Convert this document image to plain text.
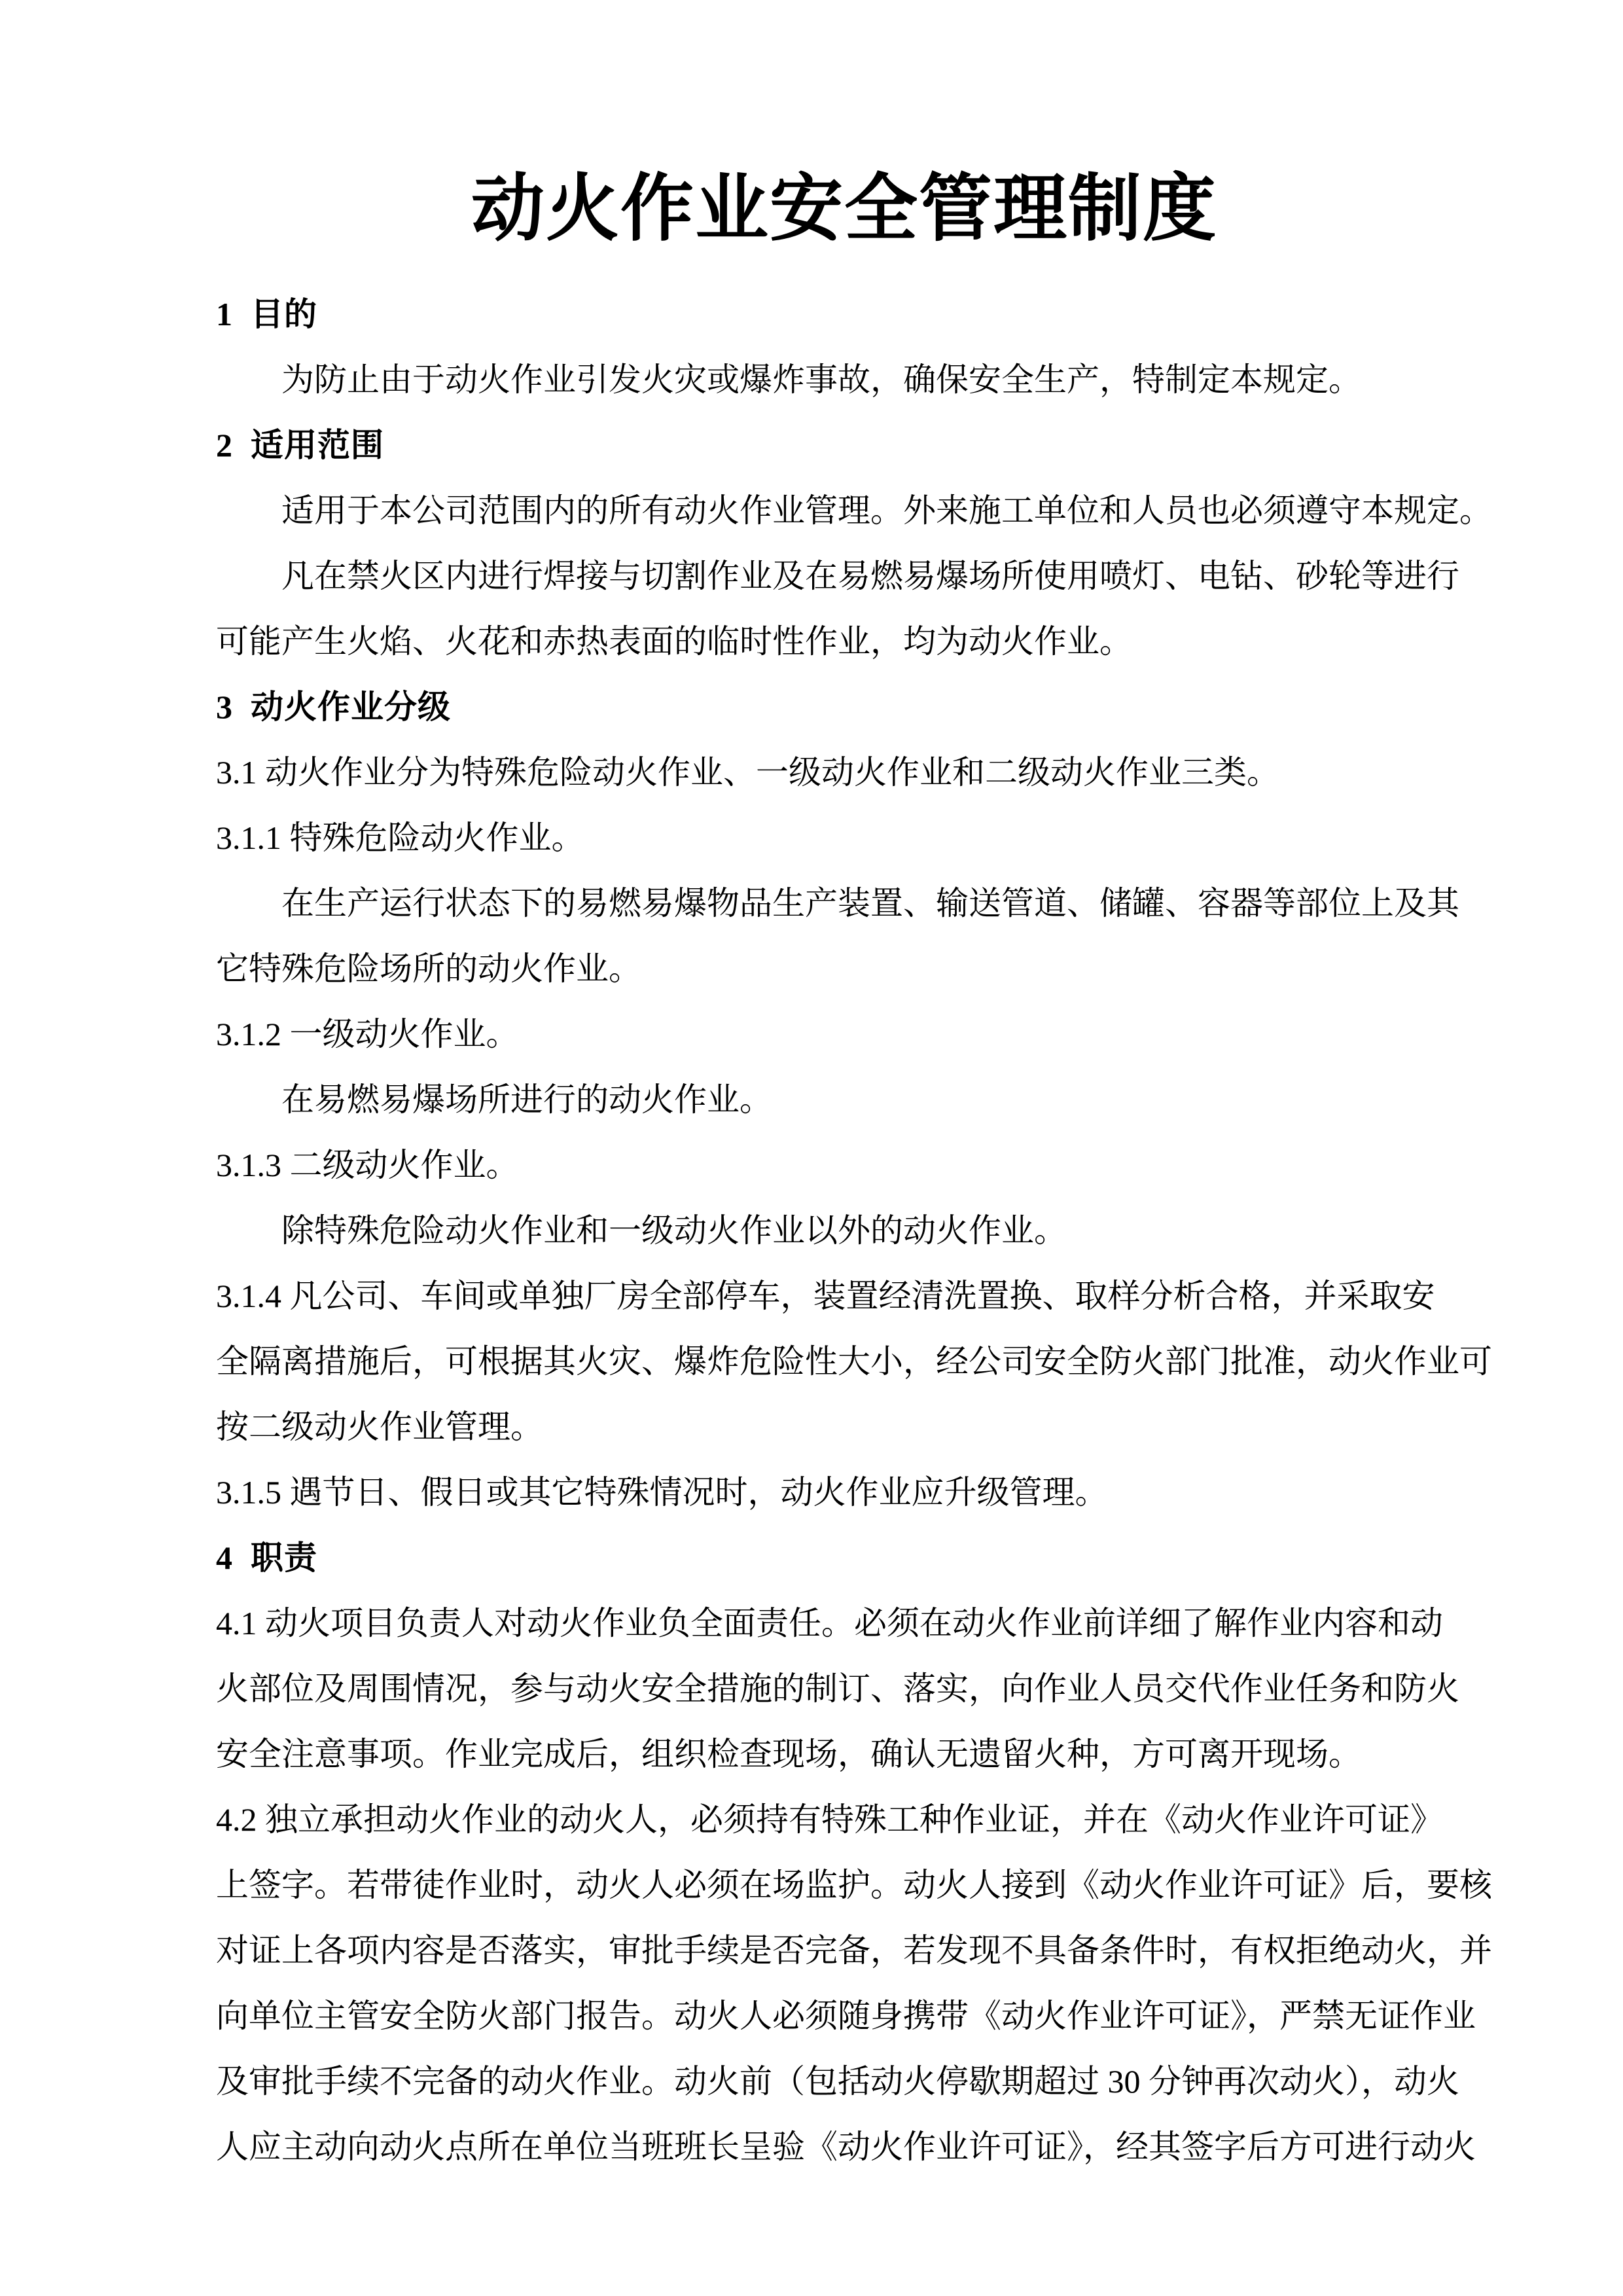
动火作业安全管理制度
1  目的
为防止由于动火作业引发火灾或爆炸事故，确保安全生产，特制定本规定。
2  适用范围
适用于本公司范围内的所有动火作业管理。外来施工单位和人员也必须遵守本规定。
凡在禁火区内进行焊接与切割作业及在易燃易爆场所使用喷灯、电钻、砂轮等进行
可能产生火焰、火花和赤热表面的临时性作业，均为动火作业。
3  动火作业分级
3.1 动火作业分为特殊危险动火作业、一级动火作业和二级动火作业三类。
3.1.1 特殊危险动火作业。
在生产运行状态下的易燃易爆物品生产装置、输送管道、储罐、容器等部位上及其
它特殊危险场所的动火作业。
3.1.2 一级动火作业。
在易燃易爆场所进行的动火作业。
3.1.3 二级动火作业。
除特殊危险动火作业和一级动火作业以外的动火作业。
3.1.4 凡公司、车间或单独厂房全部停车，装置经清洗置换、取样分析合格，并采取安
全隔离措施后，可根据其火灾、爆炸危险性大小，经公司安全防火部门批准，动火作业可
按二级动火作业管理。
3.1.5 遇节日、假日或其它特殊情况时，动火作业应升级管理。
4  职责
4.1 动火项目负责人对动火作业负全面责任。必须在动火作业前详细了解作业内容和动
火部位及周围情况，参与动火安全措施的制订、落实，向作业人员交代作业任务和防火
安全注意事项。作业完成后，组织检查现场，确认无遗留火种，方可离开现场。
4.2 独立承担动火作业的动火人，必须持有特殊工种作业证，并在《动火作业许可证》
上签字。若带徒作业时，动火人必须在场监护。动火人接到《动火作业许可证》后，要核
对证上各项内容是否落实，审批手续是否完备，若发现不具备条件时，有权拒绝动火，并
向单位主管安全防火部门报告。动火人必须随身携带《动火作业许可证》，严禁无证作业
及审批手续不完备的动火作业。动火前（包括动火停歇期超过 30 分钟再次动火），动火
人应主动向动火点所在单位当班班长呈验《动火作业许可证》，经其签字后方可进行动火
